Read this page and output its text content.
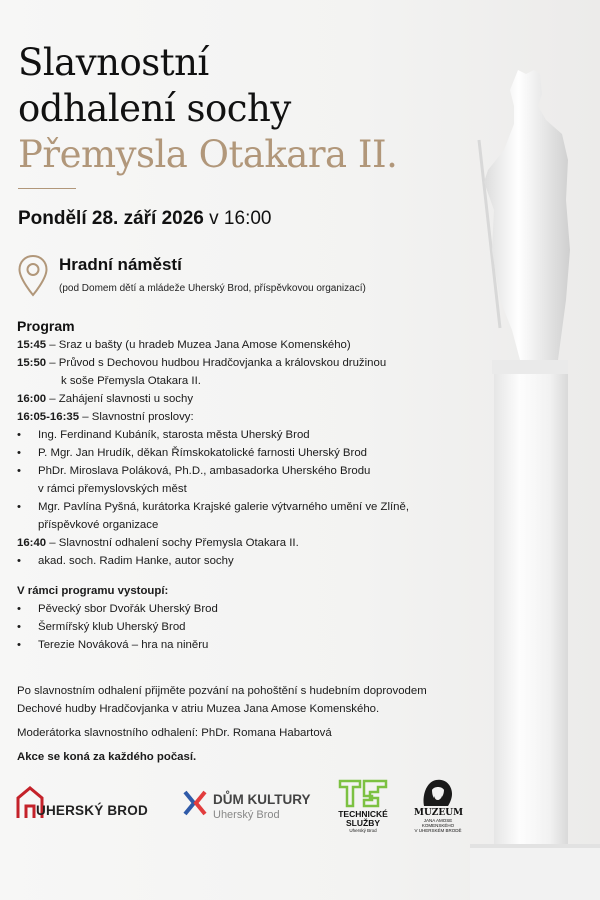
Slavnostní
odhalení sochy
Přemysla Otakara II.
Pondělí 28. září 2026 v 16:00
Hradní náměstí
(pod Domem dětí a mládeže Uherský Brod, příspěvkovou organizací)
Program
15:45 – Sraz u bašty (u hradeb Muzea Jana Amose Komenského)
15:50 – Průvod s Dechovou hudbou Hradčovjanka a královskou družinou
k soše Přemysla Otakara II.
16:00 – Zahájení slavnosti u sochy
16:05-16:35 – Slavnostní proslovy:
• Ing. Ferdinand Kubáník, starosta města Uherský Brod
• P. Mgr. Jan Hrudík, děkan Římskokatolické farnosti Uherský Brod
• PhDr. Miroslava Poláková, Ph.D., ambasadorka Uherského Brodu
v rámci přemyslovských měst
• Mgr. Pavlína Pyšná, kurátorka Krajské galerie výtvarného umění ve Zlíně,
příspěvkové organizace
16:40 – Slavnostní odhalení sochy Přemysla Otakara II.
• akad. soch. Radim Hanke, autor sochy
V rámci programu vystoupí:
• Pěvecký sbor Dvořák Uherský Brod
• Šermířský klub Uherský Brod
• Terezie Nováková – hra na niněru

Po slavnostním odhalení přijměte pozvání na pohoštění s hudebním doprovodem

Dechové hudby Hradčovjanka v atriu Muzea Jana Amose Komenského.

Moderátorka slavnostního odhalení: PhDr. Romana Habartová

Akce se koná za každého počasí.

UHERSKÝ BROD
DŮM KULTURY
Uherský Brod	TECHNICKÉ
SLUŽBY
Uherský Brod
MUZEUM
JANA AMOSE
KOMENSKÉHO
V UHERSKÉM BRODĚ
